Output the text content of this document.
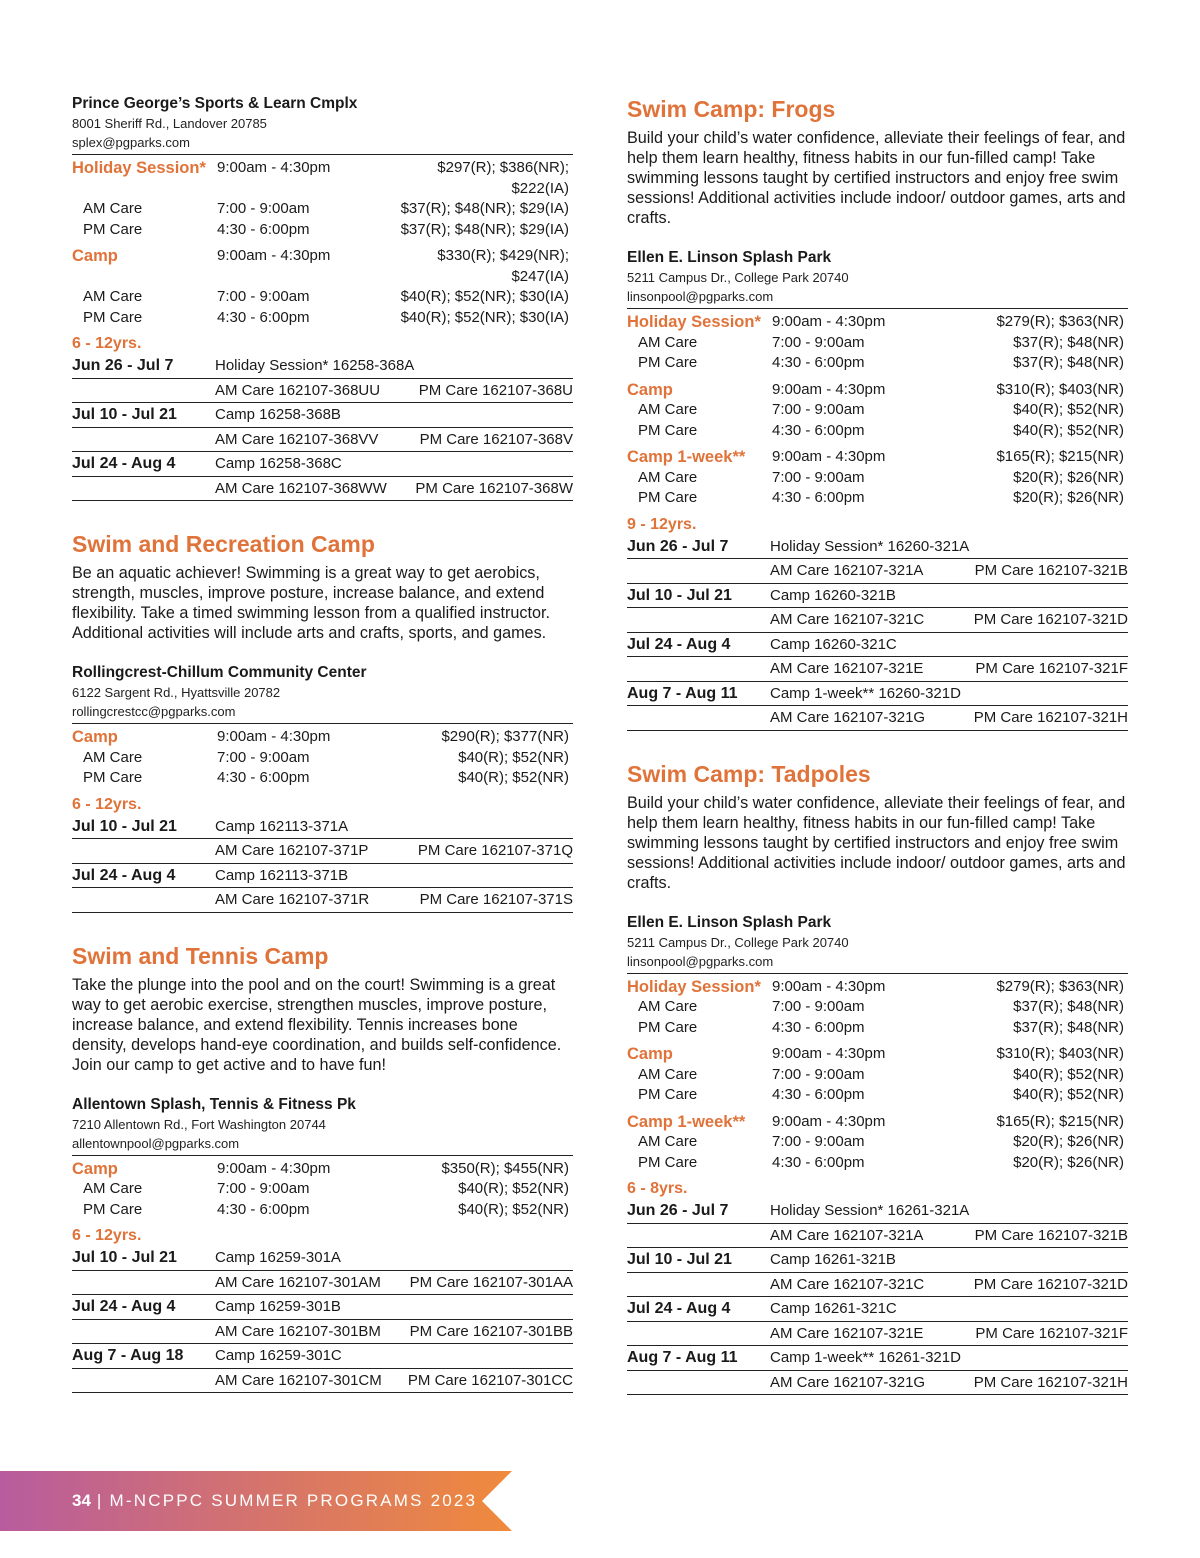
Prince George’s Sports & Learn Cmplx
8001 Sheriff Rd., Landover 20785
splex@pgparks.com
Holiday Session* 9:00am - 4:30pm	$297(R); $386(NR); $222(IA)
AM Care	7:00 - 9:00am	$37(R); $48(NR); $29(IA)
PM Care	4:30 - 6:00pm	$37(R); $48(NR); $29(IA)
Camp	9:00am - 4:30pm	$330(R); $429(NR); $247(IA)
AM Care	7:00 - 9:00am	$40(R); $52(NR); $30(IA)
PM Care	4:30 - 6:00pm	$40(R); $52(NR); $30(IA)
6 - 12yrs.
Jun 26 - Jul 7	Holiday Session* 16258-368A
AM Care 162107-368UU	PM Care 162107-368U
Jul 10 - Jul 21	Camp 16258-368B
AM Care 162107-368VV	PM Care 162107-368V
Jul 24 - Aug 4	Camp 16258-368C
AM Care 162107-368WW	PM Care 162107-368W
Swim and Recreation Camp
Be an aquatic achiever! Swimming is a great way to get aerobics, strength, muscles, improve posture, increase balance, and extend flexibility. Take a timed swimming lesson from a qualified instructor. Additional activities will include arts and crafts, sports, and games.
Rollingcrest-Chillum Community Center
6122 Sargent Rd., Hyattsville 20782
rollingcrestcc@pgparks.com
Camp	9:00am - 4:30pm	$290(R); $377(NR)
AM Care	7:00 - 9:00am	$40(R); $52(NR)
PM Care	4:30 - 6:00pm	$40(R); $52(NR)
6 - 12yrs.
Jul 10 - Jul 21	Camp 162113-371A
AM Care 162107-371P	PM Care 162107-371Q
Jul 24 - Aug 4	Camp 162113-371B
AM Care 162107-371R	PM Care 162107-371S
Swim and Tennis Camp
Take the plunge into the pool and on the court! Swimming is a great way to get aerobic exercise, strengthen muscles, improve posture, increase balance, and extend flexibility. Tennis increases bone density, develops hand-eye coordination, and builds self-confidence. Join our camp to get active and to have fun!
Allentown Splash, Tennis & Fitness Pk
7210 Allentown Rd., Fort Washington 20744
allentownpool@pgparks.com
Camp	9:00am - 4:30pm	$350(R); $455(NR)
AM Care	7:00 - 9:00am	$40(R); $52(NR)
PM Care	4:30 - 6:00pm	$40(R); $52(NR)
6 - 12yrs.
Jul 10 - Jul 21	Camp 16259-301A
AM Care 162107-301AM	PM Care 162107-301AA
Jul 24 - Aug 4	Camp 16259-301B
AM Care 162107-301BM	PM Care 162107-301BB
Aug 7 - Aug 18	Camp 16259-301C
AM Care 162107-301CM	PM Care 162107-301CC
Swim Camp: Frogs
Build your child’s water confidence, alleviate their feelings of fear, and help them learn healthy, fitness habits in our fun-filled camp! Take swimming lessons taught by certified instructors and enjoy free swim sessions! Additional activities include indoor/ outdoor games, arts and crafts.
Ellen E. Linson Splash Park
5211 Campus Dr., College Park 20740
linsonpool@pgparks.com
Holiday Session* 9:00am - 4:30pm	$279(R); $363(NR)
AM Care	7:00 - 9:00am	$37(R); $48(NR)
PM Care	4:30 - 6:00pm	$37(R); $48(NR)
Camp	9:00am - 4:30pm	$310(R); $403(NR)
AM Care	7:00 - 9:00am	$40(R); $52(NR)
PM Care	4:30 - 6:00pm	$40(R); $52(NR)
Camp 1-week**	9:00am - 4:30pm	$165(R); $215(NR)
AM Care	7:00 - 9:00am	$20(R); $26(NR)
PM Care	4:30 - 6:00pm	$20(R); $26(NR)
9 - 12yrs.
Jun 26 - Jul 7	Holiday Session* 16260-321A
AM Care 162107-321A	PM Care 162107-321B
Jul 10 - Jul 21	Camp 16260-321B
AM Care 162107-321C	PM Care 162107-321D
Jul 24 - Aug 4	Camp 16260-321C
AM Care 162107-321E	PM Care 162107-321F
Aug 7 - Aug 11	Camp 1-week** 16260-321D
AM Care 162107-321G	PM Care 162107-321H
Swim Camp: Tadpoles
Build your child’s water confidence, alleviate their feelings of fear, and help them learn healthy, fitness habits in our fun-filled camp! Take swimming lessons taught by certified instructors and enjoy free swim sessions! Additional activities include indoor/ outdoor games, arts and crafts.
Ellen E. Linson Splash Park
5211 Campus Dr., College Park 20740
linsonpool@pgparks.com
Holiday Session* 9:00am - 4:30pm	$279(R); $363(NR)
AM Care	7:00 - 9:00am	$37(R); $48(NR)
PM Care	4:30 - 6:00pm	$37(R); $48(NR)
Camp	9:00am - 4:30pm	$310(R); $403(NR)
AM Care	7:00 - 9:00am	$40(R); $52(NR)
PM Care	4:30 - 6:00pm	$40(R); $52(NR)
Camp 1-week**	9:00am - 4:30pm	$165(R); $215(NR)
AM Care	7:00 - 9:00am	$20(R); $26(NR)
PM Care	4:30 - 6:00pm	$20(R); $26(NR)
6 - 8yrs.
Jun 26 - Jul 7	Holiday Session* 16261-321A
AM Care 162107-321A	PM Care 162107-321B
Jul 10 - Jul 21	Camp 16261-321B
AM Care 162107-321C	PM Care 162107-321D
Jul 24 - Aug 4	Camp 16261-321C
AM Care 162107-321E	PM Care 162107-321F
Aug 7 - Aug 11	Camp 1-week** 16261-321D
AM Care 162107-321G	PM Care 162107-321H
34 | M-NCPPC SUMMER PROGRAMS 2023
